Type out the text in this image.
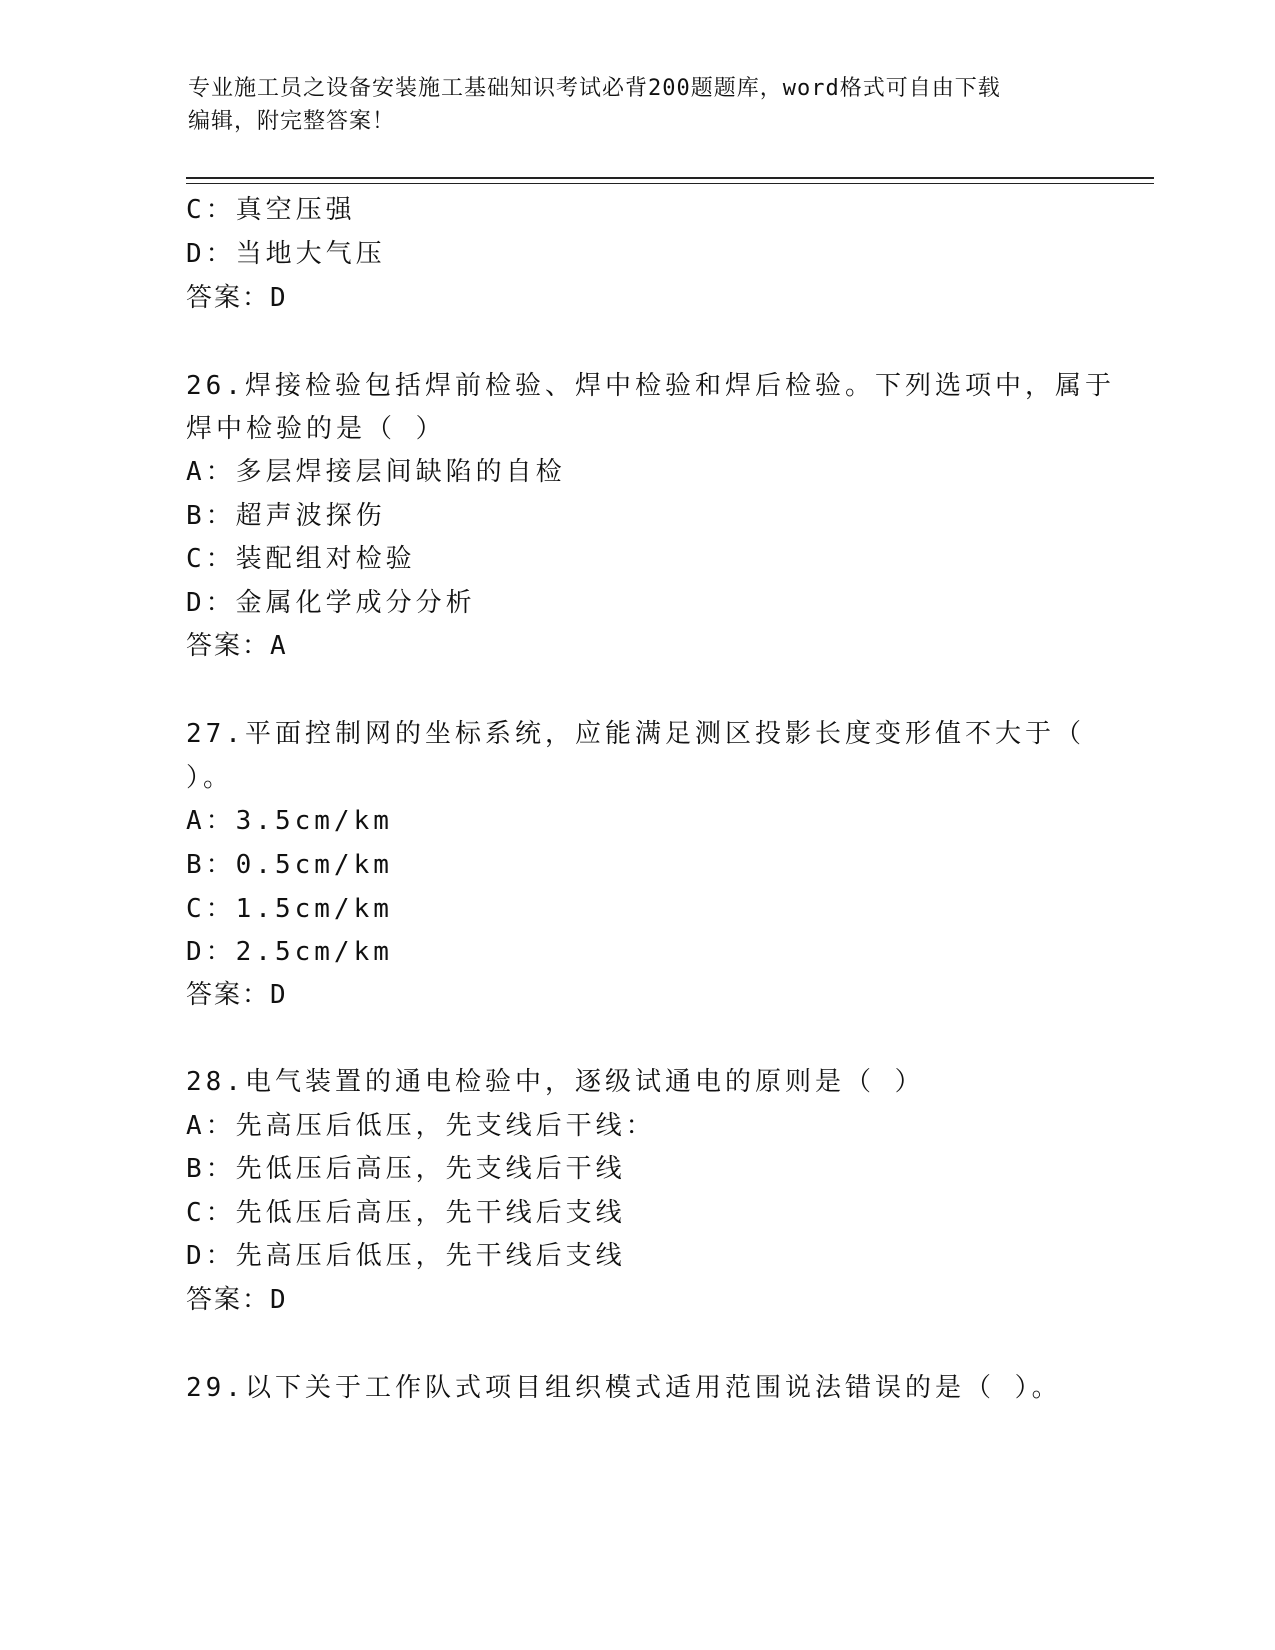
专业施工员之设备安装施工基础知识考试必背200题题库，word格式可自由下载
编辑，附完整答案！
C：真空压强
D：当地大气压
答案：D
26.焊接检验包括焊前检验、焊中检验和焊后检验。下列选项中，属于
焊中检验的是（ ）
A：多层焊接层间缺陷的自检
B：超声波探伤
C：装配组对检验
D：金属化学成分分析
答案：A
27.平面控制网的坐标系统，应能满足测区投影长度变形值不大于（
）。
A：3.5cm/km
B：0.5cm/km
C：1.5cm/km
D：2.5cm/km
答案：D
28.电气装置的通电检验中，逐级试通电的原则是（ ）
A：先高压后低压，先支线后干线：
B：先低压后高压，先支线后干线
C：先低压后高压，先干线后支线
D：先高压后低压，先干线后支线
答案：D
29.以下关于工作队式项目组织模式适用范围说法错误的是（ ）。
